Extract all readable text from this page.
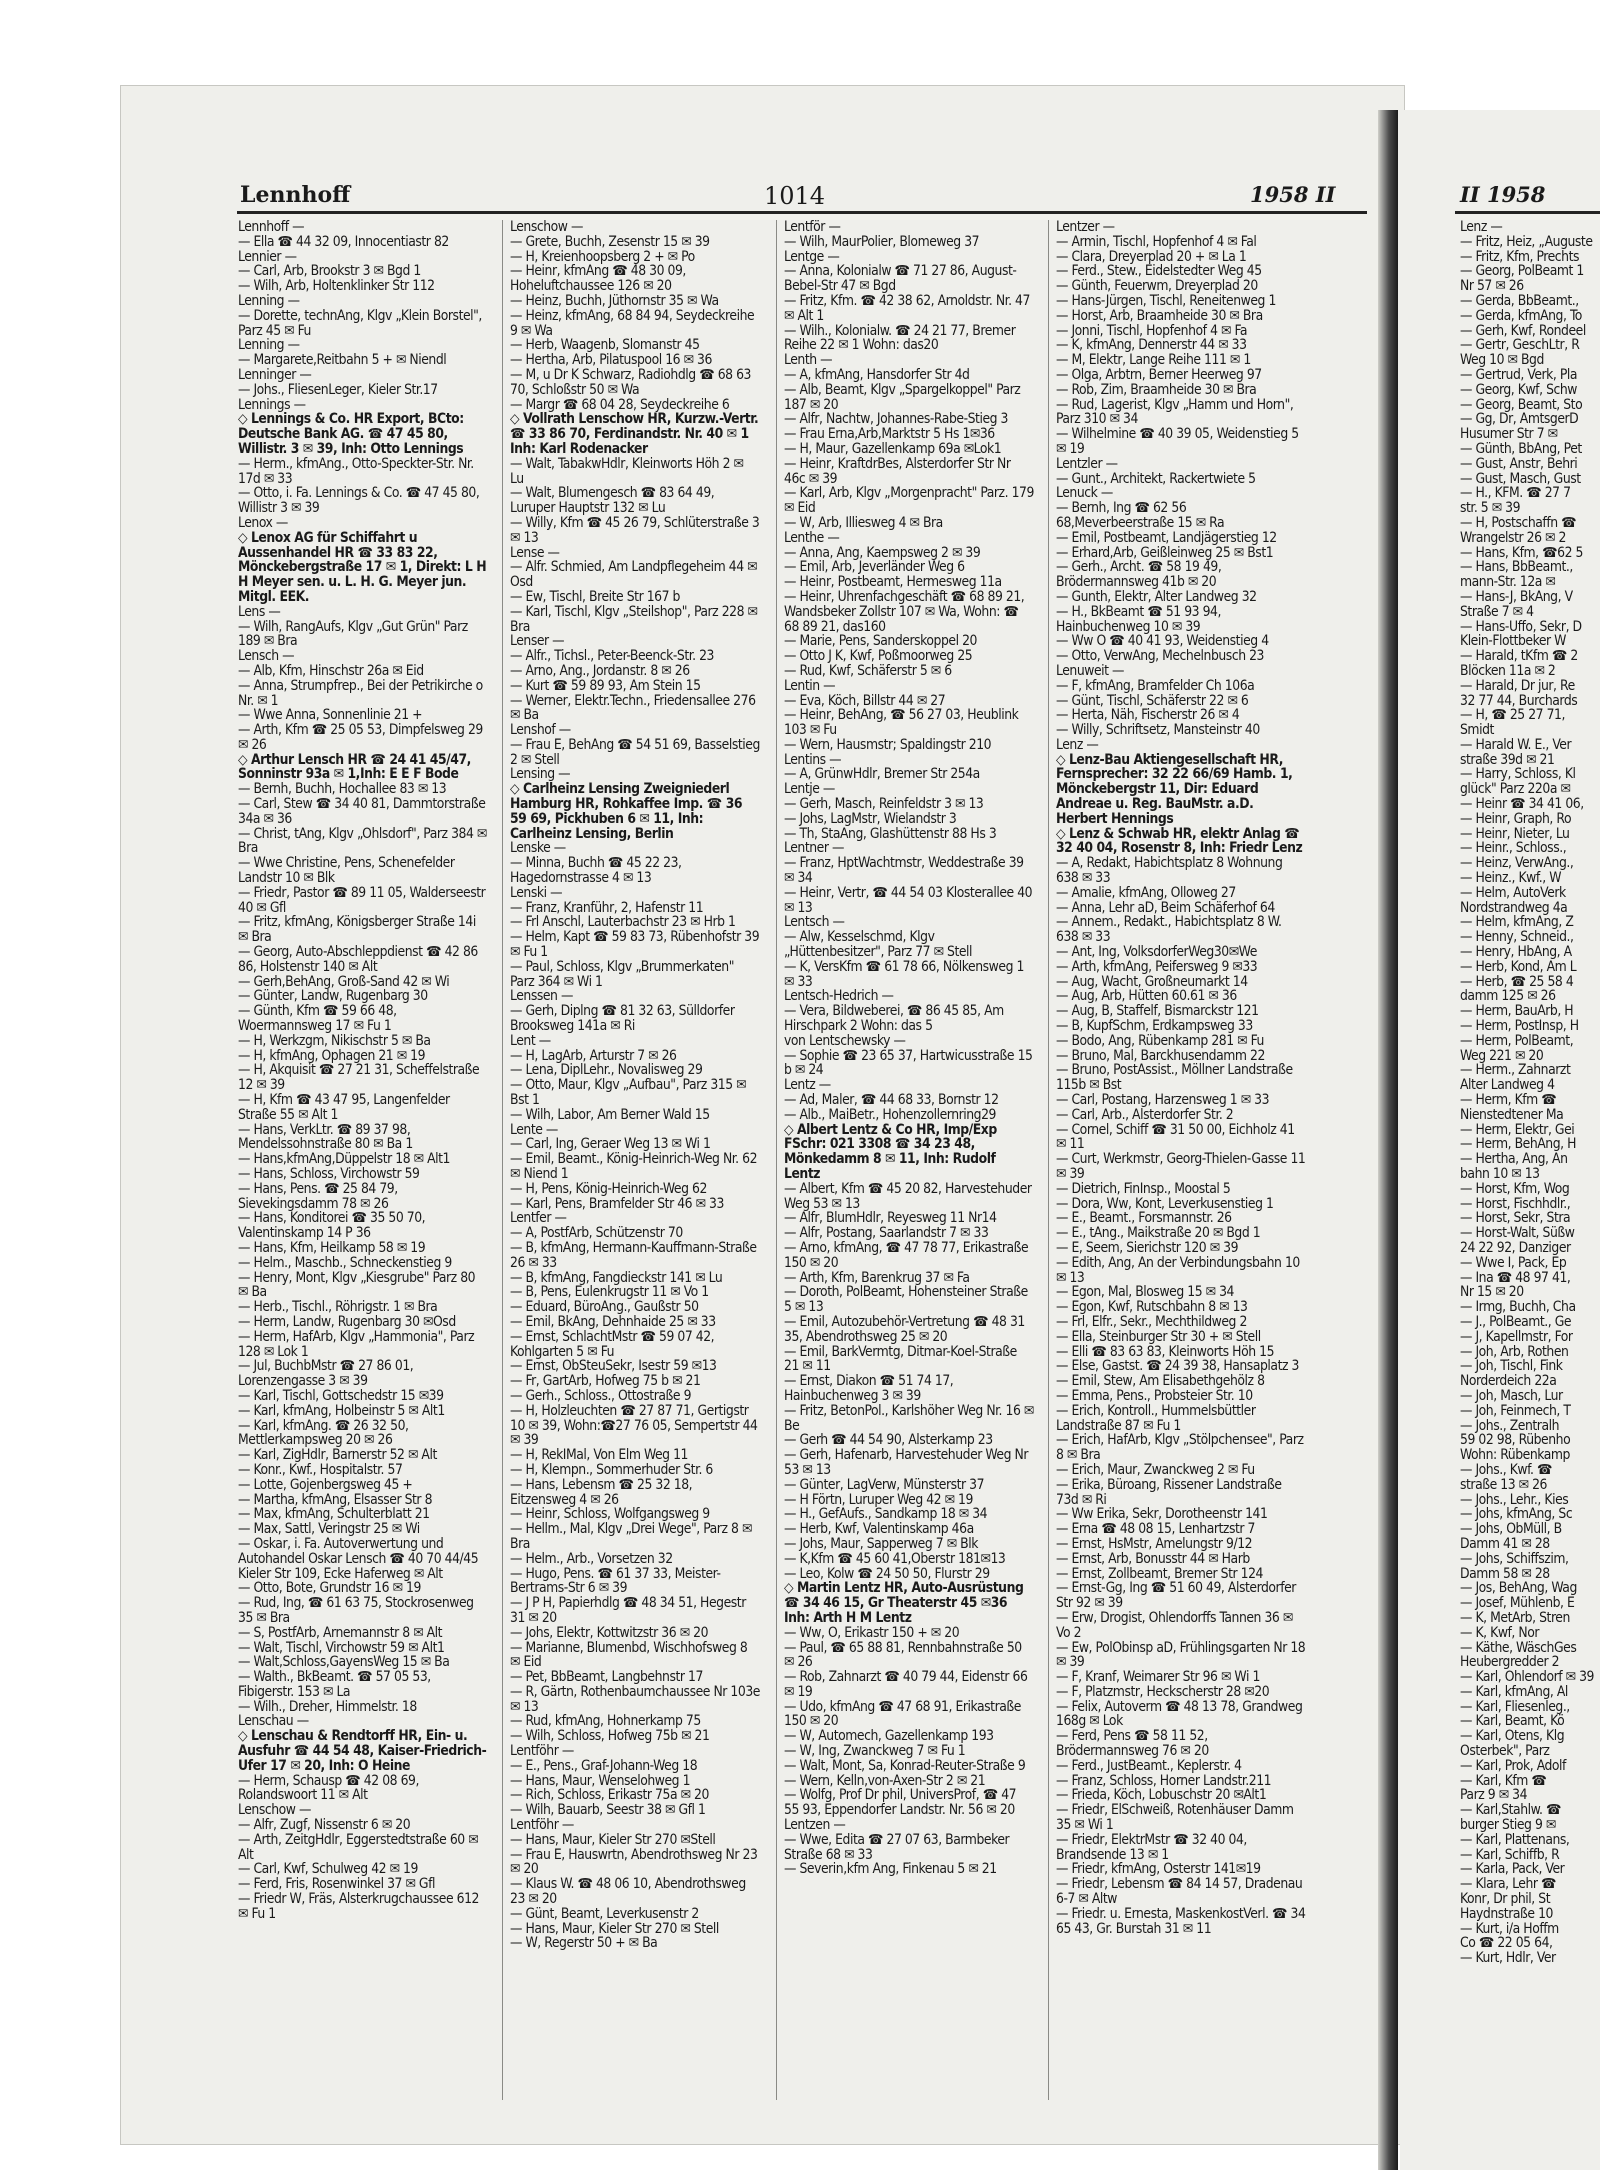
Lennhoff	1014	1958 II	II 1958
Lennhoff —
— Ella ☎ 44 32 09, Innocentiastr 82
Lennier —
— Carl, Arb, Brookstr 3 ✉ Bgd 1
— Wilh, Arb, Holtenklinker Str 112
Lenning —
— Dorette, technAng, Klgv „Klein Borstel", Parz 45 ✉ Fu
Lenning —
— Margarete,Reitbahn 5 + ✉ Niendl
Lenninger —
— Johs., FliesenLeger, Kieler Str.17
Lennings —
◇ Lennings & Co. HR Export, BCto: Deutsche Bank AG. ☎ 47 45 80, Willistr. 3 ✉ 39, Inh: Otto Lennings
— Herm., kfmAng., Otto-Speckter-Str. Nr. 17d ✉ 33
— Otto, i. Fa. Lennings & Co. ☎ 47 45 80, Willistr 3 ✉ 39
Lenox —
◇ Lenox AG für Schiffahrt u Aussenhandel HR ☎ 33 83 22, Mönckebergstraße 17 ✉ 1, Direkt: L H H Meyer sen. u. L. H. G. Meyer jun. Mitgl. EEK.
Lens —
— Wilh, RangAufs, Klgv „Gut Grün" Parz 189 ✉ Bra
Lensch —
— Alb, Kfm, Hinschstr 26a ✉ Eid
— Anna, Strumpfrep., Bei der Petrikirche o Nr. ✉ 1
— Wwe Anna, Sonnenlinie 21 +
— Arth, Kfm ☎ 25 05 53, Dimpfelsweg 29 ✉ 26
◇ Arthur Lensch HR ☎ 24 41 45/47, Sonninstr 93a ✉ 1,Inh: E E F Bode
— Bernh, Buchh, Hochallee 83 ✉ 13
— Carl, Stew ☎ 34 40 81, Dammtorstraße 34a ✉ 36
— Christ, tAng, Klgv „Ohlsdorf", Parz 384 ✉ Bra
— Wwe Christine, Pens, Schenefelder Landstr 10 ✉ Blk
— Friedr, Pastor ☎ 89 11 05, Walderseestr 40 ✉ Gfl
— Fritz, kfmAng, Königsberger Straße 14i ✉ Bra
— Georg, Auto-Abschleppdienst ☎ 42 86 86, Holstenstr 140 ✉ Alt
— Gerh,BehAng, Groß-Sand 42 ✉ Wi
— Günter, Landw, Rugenbarg 30
— Günth, Kfm ☎ 59 66 48, Woermannsweg 17 ✉ Fu 1
— H, Werkzgm, Nikischstr 5 ✉ Ba
— H, kfmAng, Ophagen 21 ✉ 19
— H, Akquisit ☎ 27 21 31, Scheffelstraße 12 ✉ 39
— H, Kfm ☎ 43 47 95, Langenfelder Straße 55 ✉ Alt 1
— Hans, VerkLtr. ☎ 89 37 98, Mendelssohnstraße 80 ✉ Ba 1
— Hans,kfmAng,Düppelstr 18 ✉ Alt1
— Hans, Schloss, Virchowstr 59
— Hans, Pens. ☎ 25 84 79, Sievekingsdamm 78 ✉ 26
— Hans, Konditorei ☎ 35 50 70, Valentinskamp 14 P 36
— Hans, Kfm, Heilkamp 58 ✉ 19
— Helm., Maschb., Schneckenstieg 9
— Henry, Mont, Klgv „Kiesgrube" Parz 80 ✉ Ba
— Herb., Tischl., Röhrigstr. 1 ✉ Bra
— Herm, Landw, Rugenbarg 30 ✉Osd
— Herm, HafArb, Klgv „Hammonia", Parz 128 ✉ Lok 1
— Jul, BuchbMstr ☎ 27 86 01, Lorenzengasse 3 ✉ 39
— Karl, Tischl, Gottschedstr 15 ✉39
— Karl, kfmAng, Holbeinstr 5 ✉ Alt1
— Karl, kfmAng. ☎ 26 32 50, Mettlerkampsweg 20 ✉ 26
— Karl, ZigHdlr, Barnerstr 52 ✉ Alt
— Konr., Kwf., Hospitalstr. 57
— Lotte, Gojenbergsweg 45 +
— Martha, kfmAng, Elsasser Str 8
— Max, kfmAng, Schulterblatt 21
— Max, Sattl, Veringstr 25 ✉ Wi
— Oskar, i. Fa. Autoverwertung und Autohandel Oskar Lensch ☎ 40 70 44/45 Kieler Str 109, Ecke Haferweg ✉ Alt
— Otto, Bote, Grundstr 16 ✉ 19
— Rud, Ing, ☎ 61 63 75, Stockrosenweg 35 ✉ Bra
— S, PostfArb, Arnemannstr 8 ✉ Alt
— Walt, Tischl, Virchowstr 59 ✉ Alt1
— Walt,Schloss,GayensWeg 15 ✉ Ba
— Walth., BkBeamt. ☎ 57 05 53, Fibigerstr. 153 ✉ La
— Wilh., Dreher, Himmelstr. 18
Lenschau —
◇ Lenschau & Rendtorff HR, Ein- u. Ausfuhr ☎ 44 54 48, Kaiser-Friedrich-Ufer 17 ✉ 20, Inh: O Heine
— Herm, Schausp ☎ 42 08 69, Rolandswoort 11 ✉ Alt
Lenschow —
— Alfr, Zugf, Nissenstr 6 ✉ 20
— Arth, ZeitgHdlr, Eggerstedtstraße 60 ✉ Alt
— Carl, Kwf, Schulweg 42 ✉ 19
— Ferd, Fris, Rosenwinkel 37 ✉ Gfl
— Friedr W, Fräs, Alsterkrugchaussee 612 ✉ Fu 1
Lenschow —
— Grete, Buchh, Zesenstr 15 ✉ 39
— H, Kreienhoopsberg 2 + ✉ Po
— Heinr, kfmAng ☎ 48 30 09, Hoheluftchaussee 126 ✉ 20
— Heinz, Buchh, Jüthornstr 35 ✉ Wa
— Heinz, kfmAng, 68 84 94, Seydeckreihe 9 ✉ Wa
— Herb, Waagenb, Slomanstr 45
— Hertha, Arb, Pilatuspool 16 ✉ 36
— M, u Dr K Schwarz, Radiohdlg ☎ 68 63 70, Schloßstr 50 ✉ Wa
— Margr ☎ 68 04 28, Seydeckreihe 6
◇ Vollrath Lenschow HR, Kurzw.-Vertr. ☎ 33 86 70, Ferdinandstr. Nr. 40 ✉ 1 Inh: Karl Rodenacker
— Walt, TabakwHdlr, Kleinworts Höh 2 ✉ Lu
— Walt, Blumengesch ☎ 83 64 49, Luruper Hauptstr 132 ✉ Lu
— Willy, Kfm ☎ 45 26 79, Schlüterstraße 3 ✉ 13
Lense —
— Alfr. Schmied, Am Landpflegeheim 44 ✉ Osd
— Ew, Tischl, Breite Str 167 b
— Karl, Tischl, Klgv „Steilshop", Parz 228 ✉ Bra
Lenser —
— Alfr., Tichsl., Peter-Beenck-Str. 23
— Arno, Ang., Jordanstr. 8 ✉ 26
— Kurt ☎ 59 89 93, Am Stein 15
— Werner, Elektr.Techn., Friedensallee 276 ✉ Ba
Lenshof —
— Frau E, BehAng ☎ 54 51 69, Basselstieg 2 ✉ Stell
Lensing —
◇ Carlheinz Lensing Zweigniederl Hamburg HR, Rohkaffee Imp. ☎ 36 59 69, Pickhuben 6 ✉ 11, Inh: Carlheinz Lensing, Berlin
Lenske —
— Minna, Buchh ☎ 45 22 23, Hagedornstrasse 4 ✉ 13
Lenski —
— Franz, Kranführ, 2, Hafenstr 11
— Frl Anschl, Lauterbachstr 23 ✉ Hrb 1
— Helm, Kapt ☎ 59 83 73, Rübenhofstr 39 ✉ Fu 1
— Paul, Schloss, Klgv „Brummerkaten" Parz 364 ✉ Wi 1
Lenssen —
— Gerh, Diplng ☎ 81 32 63, Sülldorfer Brooksweg 141a ✉ Ri
Lent —
— H, LagArb, Arturstr 7 ✉ 26
— Lena, DiplLehr., Novalisweg 29
— Otto, Maur, Klgv „Aufbau", Parz 315 ✉ Bst 1
— Wilh, Labor, Am Berner Wald 15
Lente —
— Carl, Ing, Geraer Weg 13 ✉ Wi 1
— Emil, Beamt., König-Heinrich-Weg Nr. 62 ✉ Niend 1
— H, Pens, König-Heinrich-Weg 62
— Karl, Pens, Bramfelder Str 46 ✉ 33
Lentfer —
— A, PostfArb, Schützenstr 70
— B, kfmAng, Hermann-Kauffmann-Straße 26 ✉ 33
— B, kfmAng, Fangdieckstr 141 ✉ Lu
— B, Pens, Eulenkrugstr 11 ✉ Vo 1
— Eduard, BüroAng., Gaußstr 50
— Emil, BkAng, Dehnhaide 25 ✉ 33
— Ernst, SchlachtMstr ☎ 59 07 42, Kohlgarten 5 ✉ Fu
— Ernst, ObSteuSekr, Isestr 59 ✉13
— Fr, GartArb, Hofweg 75 b ✉ 21
— Gerh., Schloss., Ottostraße 9
— H, Holzleuchten ☎ 27 87 71, Gertigstr 10 ✉ 39, Wohn:☎27 76 05, Sempertstr 44 ✉ 39
— H, RekIMal, Von Elm Weg 11
— H, Klempn., Sommerhuder Str. 6
— Hans, Lebensm ☎ 25 32 18, Eitzensweg 4 ✉ 26
— Heinr, Schloss, Wolfgangsweg 9
— Hellm., Mal, Klgv „Drei Wege", Parz 8 ✉ Bra
— Helm., Arb., Vorsetzen 32
— Hugo, Pens. ☎ 61 37 33, Meister-Bertrams-Str 6 ✉ 39
— J P H, Papierhdlg ☎ 48 34 51, Hegestr 31 ✉ 20
— Johs, Elektr, Kottwitzstr 36 ✉ 20
— Marianne, Blumenbd, Wischhofsweg 8 ✉ Eid
— Pet, BbBeamt, Langbehnstr 17
— R, Gärtn, Rothenbaumchaussee Nr 103e ✉ 13
— Rud, kfmAng, Hohnerkamp 75
— Wilh, Schloss, Hofweg 75b ✉ 21
Lentföhr —
— E., Pens., Graf-Johann-Weg 18
— Hans, Maur, Wenselohweg 1
— Rich, Schloss, Erikastr 75a ✉ 20
— Wilh, Bauarb, Seestr 38 ✉ Gfl 1
Lentföhr —
— Hans, Maur, Kieler Str 270 ✉Stell
— Frau E, Hauswrtn, Abendrothsweg Nr 23 ✉ 20
— Klaus W. ☎ 48 06 10, Abendrothsweg 23 ✉ 20
— Günt, Beamt, Leverkusenstr 2
— Hans, Maur, Kieler Str 270 ✉ Stell
— W, Regerstr 50 + ✉ Ba
Lentför —
— Wilh, MaurPolier, Blomeweg 37
Lentge —
— Anna, Kolonialw ☎ 71 27 86, August-Bebel-Str 47 ✉ Bgd
— Fritz, Kfm. ☎ 42 38 62, Arnoldstr. Nr. 47 ✉ Alt 1
— Wilh., Kolonialw. ☎ 24 21 77, Bremer Reihe 22 ✉ 1 Wohn: das20
Lenth —
— A, kfmAng, Hansdorfer Str 4d
— Alb, Beamt, Klgv „Spargelkoppel" Parz 187 ✉ 20
— Alfr, Nachtw, Johannes-Rabe-Stieg 3
— Frau Erna,Arb,Marktstr 5 Hs 1✉36
— H, Maur, Gazellenkamp 69a ✉Lok1
— Heinr, KraftdrBes, Alsterdorfer Str Nr 46c ✉ 39
— Karl, Arb, Klgv „Morgenpracht" Parz. 179 ✉ Eid
— W, Arb, Illiesweg 4 ✉ Bra
Lenthe —
— Anna, Ang, Kaempsweg 2 ✉ 39
— Emil, Arb, Jeverländer Weg 6
— Heinr, Postbeamt, Hermesweg 11a
— Heinr, Uhrenfachgeschäft ☎ 68 89 21, Wandsbeker Zollstr 107 ✉ Wa, Wohn: ☎ 68 89 21, das160
— Marie, Pens, Sanderskoppel 20
— Otto J K, Kwf, Poßmoorweg 25
— Rud, Kwf, Schäferstr 5 ✉ 6
Lentin —
— Eva, Köch, Billstr 44 ✉ 27
— Heinr, BehAng, ☎ 56 27 03, Heublink 103 ✉ Fu
— Wern, Hausmstr; Spaldingstr 210
Lentins —
— A, GrünwHdlr, Bremer Str 254a
Lentje —
— Gerh, Masch, Reinfeldstr 3 ✉ 13
— Johs, LagMstr, Wielandstr 3
— Th, StaAng, Glashüttenstr 88 Hs 3
Lentner —
— Franz, HptWachtmstr, Weddestraße 39 ✉ 34
— Heinr, Vertr, ☎ 44 54 03 Klosterallee 40 ✉ 13
Lentsch —
— Alw, Kesselschmd, Klgv „Hüttenbesitzer", Parz 77 ✉ Stell
— K, VersKfm ☎ 61 78 66, Nölkensweg 1 ✉ 33
Lentsch-Hedrich —
— Vera, Bildweberei, ☎ 86 45 85, Am Hirschpark 2 Wohn: das 5
von Lentschewsky —
— Sophie ☎ 23 65 37, Hartwicusstraße 15 b ✉ 24
Lentz —
— Ad, Maler, ☎ 44 68 33, Bornstr 12
— Alb., MaiBetr., Hohenzollernring29
◇ Albert Lentz & Co HR, Imp/Exp FSchr: 021 3308 ☎ 34 23 48, Mönkedamm 8 ✉ 11, Inh: Rudolf Lentz
— Albert, Kfm ☎ 45 20 82, Harvestehuder Weg 53 ✉ 13
— Alfr, BlumHdlr, Reyesweg 11 Nr14
— Alfr, Postang, Saarlandstr 7 ✉ 33
— Arno, kfmAng, ☎ 47 78 77, Erikastraße 150 ✉ 20
— Arth, Kfm, Barenkrug 37 ✉ Fa
— Doroth, PolBeamt, Hohensteiner Straße 5 ✉ 13
— Emil, Autozubehör-Vertretung ☎ 48 31 35, Abendrothsweg 25 ✉ 20
— Emil, BarkVermtg, Ditmar-Koel-Straße 21 ✉ 11
— Ernst, Diakon ☎ 51 74 17, Hainbuchenweg 3 ✉ 39
— Fritz, BetonPol., Karlshöher Weg Nr. 16 ✉ Be
— Gerh ☎ 44 54 90, Alsterkamp 23
— Gerh, Hafenarb, Harvestehuder Weg Nr 53 ✉ 13
— Günter, LagVerw, Münsterstr 37
— H Förtn, Luruper Weg 42 ✉ 19
— H., GefAufs., Sandkamp 18 ✉ 34
— Herb, Kwf, Valentinskamp 46a
— Johs, Maur, Sapperweg 7 ✉ Blk
— K,Kfm ☎ 45 60 41,Oberstr 181✉13
— Leo, Kolw ☎ 24 50 50, Flurstr 29
◇ Martin Lentz HR, Auto-Ausrüstung ☎ 34 46 15, Gr Theaterstr 45 ✉36 Inh: Arth H M Lentz
— Ww, O, Erikastr 150 + ✉ 20
— Paul, ☎ 65 88 81, Rennbahnstraße 50 ✉ 26
— Rob, Zahnarzt ☎ 40 79 44, Eidenstr 66 ✉ 19
— Udo, kfmAng ☎ 47 68 91, Erikastraße 150 ✉ 20
— W, Automech, Gazellenkamp 193
— W, Ing, Zwanckweg 7 ✉ Fu 1
— Walt, Mont, Sa, Konrad-Reuter-Straße 9
— Wern, Kelln,von-Axen-Str 2 ✉ 21
— Wolfg, Prof Dr phil, UniversProf, ☎ 47 55 93, Eppendorfer Landstr. Nr. 56 ✉ 20
Lentzen —
— Wwe, Edita ☎ 27 07 63, Barmbeker Straße 68 ✉ 33
— Severin,kfm Ang, Finkenau 5 ✉ 21
Lentzer —
— Armin, Tischl, Hopfenhof 4 ✉ Fal
— Clara, Dreyerplad 20 + ✉ La 1
— Ferd., Stew., Eidelstedter Weg 45
— Günth, Feuerwm, Dreyerplad 20
— Hans-Jürgen, Tischl, Reneitenweg 1
— Horst, Arb, Braamheide 30 ✉ Bra
— Jonni, Tischl, Hopfenhof 4 ✉ Fa
— K, kfmAng, Dennerstr 44 ✉ 33
— M, Elektr, Lange Reihe 111 ✉ 1
— Olga, Arbtrn, Berner Heerweg 97
— Rob, Zim, Braamheide 30 ✉ Bra
— Rud, Lagerist, Klgv „Hamm und Horn", Parz 310 ✉ 34
— Wilhelmine ☎ 40 39 05, Weidenstieg 5 ✉ 19
Lentzler —
— Gunt., Architekt, Rackertwiete 5
Lenuck —
— Bernh, Ing ☎ 62 56 68,Meverbeerstraße 15 ✉ Ra
— Emil, Postbeamt, Landjägerstieg 12
— Erhard,Arb, Geißleinweg 25 ✉ Bst1
— Gerh., Archt. ☎ 58 19 49, Brödermannsweg 41b ✉ 20
— Gunth, Elektr, Alter Landweg 32
— H., BkBeamt ☎ 51 93 94, Hainbuchenweg 10 ✉ 39
— Ww O ☎ 40 41 93, Weidenstieg 4
— Otto, VerwAng, Mechelnbusch 23
Lenuweit —
— F, kfmAng, Bramfelder Ch 106a
— Günt, Tischl, Schäferstr 22 ✉ 6
— Herta, Näh, Fischerstr 26 ✉ 4
— Willy, Schriftsetz, Mansteinstr 40
Lenz —
◇ Lenz-Bau Aktiengesellschaft HR, Fernsprecher: 32 22 66/69 Hamb. 1, Mönckebergstr 11, Dir: Eduard Andreae u. Reg. BauMstr. a.D. Herbert Hennings
◇ Lenz & Schwab HR, elektr Anlag ☎ 32 40 04, Rosenstr 8, Inh: Friedr Lenz
— A, Redakt, Habichtsplatz 8 Wohnung 638 ✉ 33
— Amalie, kfmAng, Olloweg 27
— Anna, Lehr aD, Beim Schäferhof 64
— Annem., Redakt., Habichtsplatz 8 W. 638 ✉ 33
— Ant, Ing, VolksdorferWeg30✉We
— Arth, kfmAng, Peifersweg 9 ✉33
— Aug, Wacht, Großneumarkt 14
— Aug, Arb, Hütten 60.61 ✉ 36
— Aug, B, Staffelf, Bismarckstr 121
— B, KupfSchm, Erdkampsweg 33
— Bodo, Ang, Rübenkamp 281 ✉ Fu
— Bruno, Mal, Barckhusendamm 22
— Bruno, PostAssist., Möllner Landstraße 115b ✉ Bst
— Carl, Postang, Harzensweg 1 ✉ 33
— Carl, Arb., Alsterdorfer Str. 2
— Cornel, Schiff ☎ 31 50 00, Eichholz 41 ✉ 11
— Curt, Werkmstr, Georg-Thielen-Gasse 11 ✉ 39
— Dietrich, FinInsp., Moostal 5
— Dora, Ww, Kont, Leverkusenstieg 1
— E., Beamt., Forsmannstr. 26
— E., tAng., Maikstraße 20 ✉ Bgd 1
— E, Seem, Sierichstr 120 ✉ 39
— Edith, Ang, An der Verbindungsbahn 10 ✉ 13
— Egon, Mal, Blosweg 15 ✉ 34
— Egon, Kwf, Rutschbahn 8 ✉ 13
— Frl, Elfr., Sekr., Mechthildweg 2
— Ella, Steinburger Str 30 + ✉ Stell
— Elli ☎ 83 63 83, Kleinworts Höh 15
— Else, Gastst. ☎ 24 39 38, Hansaplatz 3
— Emil, Stew, Am Elisabethgehölz 8
— Emma, Pens., Probsteier Str. 10
— Erich, Kontroll., Hummelsbüttler Landstraße 87 ✉ Fu 1
— Erich, HafArb, Klgv „Stölpchensee", Parz 8 ✉ Bra
— Erich, Maur, Zwanckweg 2 ✉ Fu
— Erika, Büroang, Rissener Landstraße 73d ✉ Ri
— Ww Erika, Sekr, Dorotheenstr 141
— Erna ☎ 48 08 15, Lenhartzstr 7
— Ernst, HsMstr, Amelungstr 9/12
— Ernst, Arb, Bonusstr 44 ✉ Harb
— Ernst, Zollbeamt, Bremer Str 124
— Ernst-Gg, Ing ☎ 51 60 49, Alsterdorfer Str 92 ✉ 39
— Erw, Drogist, Ohlendorffs Tannen 36 ✉ Vo 2
— Ew, PolObinsp aD, Frühlingsgarten Nr 18 ✉ 39
— F, Kranf, Weimarer Str 96 ✉ Wi 1
— F, Platzmstr, Heckscherstr 28 ✉20
— Felix, Autoverm ☎ 48 13 78, Grandweg 168g ✉ Lok
— Ferd, Pens ☎ 58 11 52, Brödermannsweg 76 ✉ 20
— Ferd., JustBeamt., Keplerstr. 4
— Franz, Schloss, Horner Landstr.211
— Frieda, Köch, Lobuschstr 20 ✉Alt1
— Friedr, ElSchweiß, Rotenhäuser Damm 35 ✉ Wi 1
— Friedr, ElektrMstr ☎ 32 40 04, Brandsende 13 ✉ 1
— Friedr, kfmAng, Osterstr 141✉19
— Friedr, Lebensm ☎ 84 14 57, Dradenau 6-7 ✉ Altw
— Friedr. u. Ernesta, MaskenkostVerl. ☎ 34 65 43, Gr. Burstah 31 ✉ 11
Lenz —
— Fritz, Heiz, „Auguste
— Fritz, Kfm, Prechts
— Georg, PolBeamt 1
Nr 57 ✉ 26
— Gerda, BbBeamt.,
— Gerda, kfmAng, To
— Gerh, Kwf, Rondeel
— Gertr, GeschLtr, R
Weg 10 ✉ Bgd
— Gertrud, Verk, Pla
— Georg, Kwf, Schw
— Georg, Beamt, Sto
— Gg, Dr, AmtsgerD
Husumer Str 7 ✉
— Günth, BbAng, Pet
— Gust, Anstr, Behri
— Gust, Masch, Gust
— H., KFM. ☎ 27 7
str. 5 ✉ 39
— H, Postschaffn ☎
Wrangelstr 26 ✉ 2
— Hans, Kfm, ☎62 5
— Hans, BbBeamt.,
mann-Str. 12a ✉
— Hans-J, BkAng, V
Straße 7 ✉ 4
— Hans-Uffo, Sekr, D
Klein-Flottbeker W
— Harald, tKfm ☎ 2
Blöcken 11a ✉ 2
— Harald, Dr jur, Re
32 77 44, Burchards
— H, ☎ 25 27 71, Smidt
— Harald W. E., Ver
straße 39d ✉ 21
— Harry, Schloss, Kl
glück" Parz 220a ✉
— Heinr ☎ 34 41 06,
— Heinr, Graph, Ro
— Heinr, Nieter, Lu
— Heinr., Schloss.,
— Heinz, VerwAng.,
— Heinz., Kwf., W
— Helm, AutoVerk
Nordstrandweg 4a
— Helm, kfmAng, Z
— Henny, Schneid.,
— Henry, HbAng, A
— Herb, Kond, Am L
— Herb, ☎ 25 58 4
damm 125 ✉ 26
— Herm, BauArb, H
— Herm, PostInsp, H
— Herm, PolBeamt,
Weg 221 ✉ 20
— Herm., Zahnarzt
Alter Landweg 4
— Herm, Kfm ☎
Nienstedtener Ma
— Herm, Elektr, Gei
— Herm, BehAng, H
— Hertha, Ang, An
bahn 10 ✉ 13
— Horst, Kfm, Wog
— Horst, Fischhdlr.,
— Horst, Sekr, Stra
— Horst-Walt, Süßw
24 22 92, Danziger
— Wwe I, Pack, Ep
— Ina ☎ 48 97 41,
Nr 15 ✉ 20
— Irmg, Buchh, Cha
— J., PolBeamt., Ge
— J, Kapellmstr, For
— Joh, Arb, Rothen
— Joh, Tischl, Fink
Norderdeich 22a
— Joh, Masch, Lur
— Joh, Feinmech, T
— Johs., Zentralh
59 02 98, Rübenho
Wohn: Rübenkamp
— Johs., Kwf. ☎
straße 13 ✉ 26
— Johs., Lehr., Kies
— Johs, kfmAng, Sc
— Johs, ObMüll, B
Damm 41 ✉ 28
— Johs, Schiffszim,
Damm 58 ✉ 28
— Jos, BehAng, Wag
— Josef, Mühlenb, E
— K, MetArb, Stren
— K, Kwf, Nor
— Käthe, WäschGes
Heubergredder 2
— Karl, Ohlendorf ✉ 39
— Karl, kfmAng, Al
— Karl, Fliesenleg.,
— Karl, Beamt, Kö
— Karl, Otens, Klg
Osterbek", Parz
— Karl, Prok, Adolf
— Karl, Kfm ☎
Parz 9 ✉ 34
— Karl,Stahlw. ☎
burger Stieg 9 ✉
— Karl, Plattenans,
— Karl, Schiffb, R
— Karla, Pack, Ver
— Klara, Lehr ☎
Konr, Dr phil, St
Haydnstraße 10
— Kurt, i/a Hoffm
Co ☎ 22 05 64,
— Kurt, Hdlr, Ver
